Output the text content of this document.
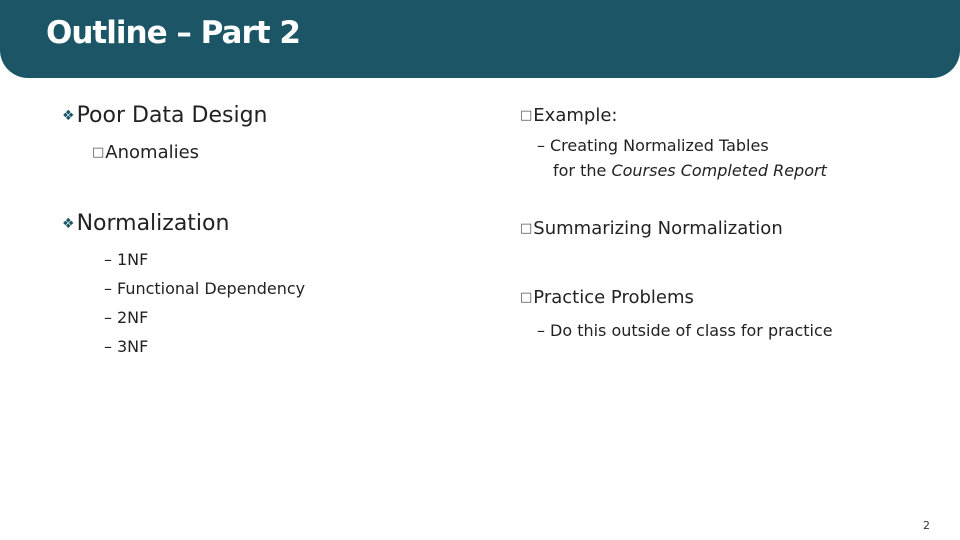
Outline – Part 2
❖Poor Data Design
□Anomalies
❖Normalization
– 1NF
– Functional Dependency
– 2NF
– 3NF
□Example:
– Creating Normalized Tables
for the Courses Completed Report
□Summarizing Normalization
□Practice Problems
– Do this outside of class for practice
2
